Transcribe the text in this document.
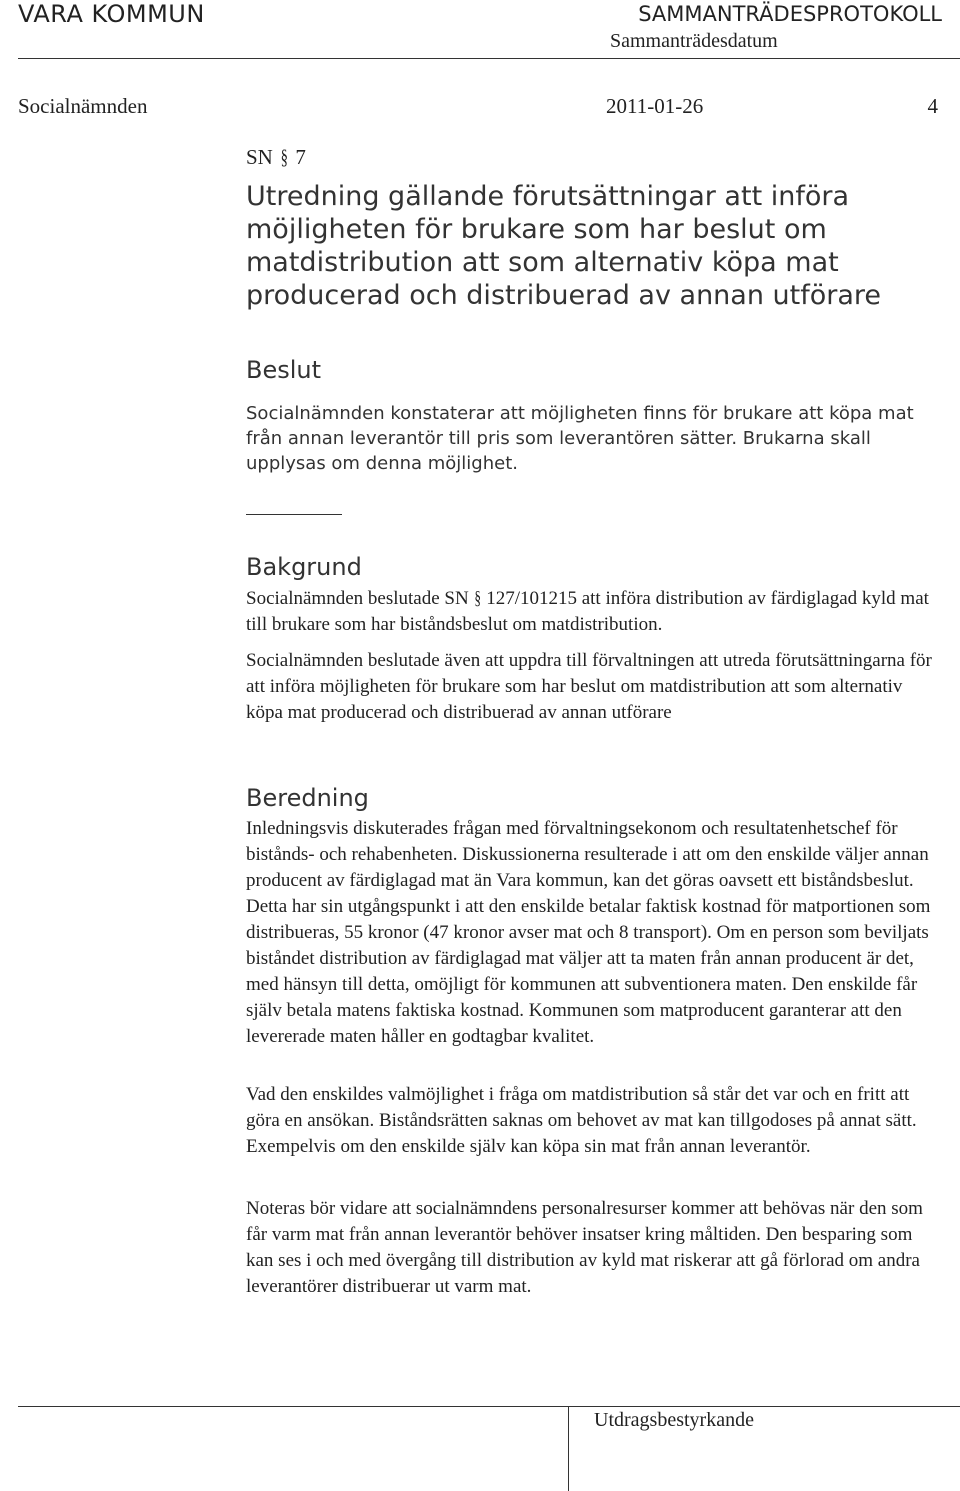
VARA KOMMUN	SAMMANTRÄDESPROTOKOLL
Sammanträdesdatum
Socialnämnden	2011-01-26	4
SN § 7
Utredning gällande förutsättningar att införa möjligheten för brukare som har beslut om matdistribution att som alternativ köpa mat producerad och distribuerad av annan utförare
Beslut
Socialnämnden konstaterar att möjligheten finns för brukare att köpa mat från annan leverantör till pris som leverantören sätter. Brukarna skall upplysas om denna möjlighet.
Bakgrund
Socialnämnden beslutade SN § 127/101215 att införa distribution av färdiglagad kyld mat till brukare som har biståndsbeslut om matdistribution.
Socialnämnden beslutade även att uppdra till förvaltningen att utreda förutsättningarna för att införa möjligheten för brukare som har beslut om matdistribution att som alternativ köpa mat producerad och distribuerad av annan utförare
Beredning
Inledningsvis diskuterades frågan med förvaltningsekonom och resultatenhetschef för bistånds- och rehabenheten. Diskussionerna resulterade i att om den enskilde väljer annan producent av färdiglagad mat än Vara kommun, kan det göras oavsett ett biståndsbeslut. Detta har sin utgångspunkt i att den enskilde betalar faktisk kostnad för matportionen som distribueras, 55 kronor (47 kronor avser mat och 8 transport). Om en person som beviljats biståndet distribution av färdiglagad mat väljer att ta maten från annan producent är det, med hänsyn till detta, omöjligt för kommunen att subventionera maten. Den enskilde får själv betala matens faktiska kostnad. Kommunen som matproducent garanterar att den levererade maten håller en godtagbar kvalitet.
Vad den enskildes valmöjlighet i fråga om matdistribution så står det var och en fritt att göra en ansökan. Biståndsrätten saknas om behovet av mat kan tillgodoses på annat sätt. Exempelvis om den enskilde själv kan köpa sin mat från annan leverantör.
Noteras bör vidare att socialnämndens personalresurser kommer att behövas när den som får varm mat från annan leverantör behöver insatser kring måltiden. Den besparing som kan ses i och med övergång till distribution av kyld mat riskerar att gå förlorad om andra leverantörer distribuerar ut varm mat.
Utdragsbestyrkande
